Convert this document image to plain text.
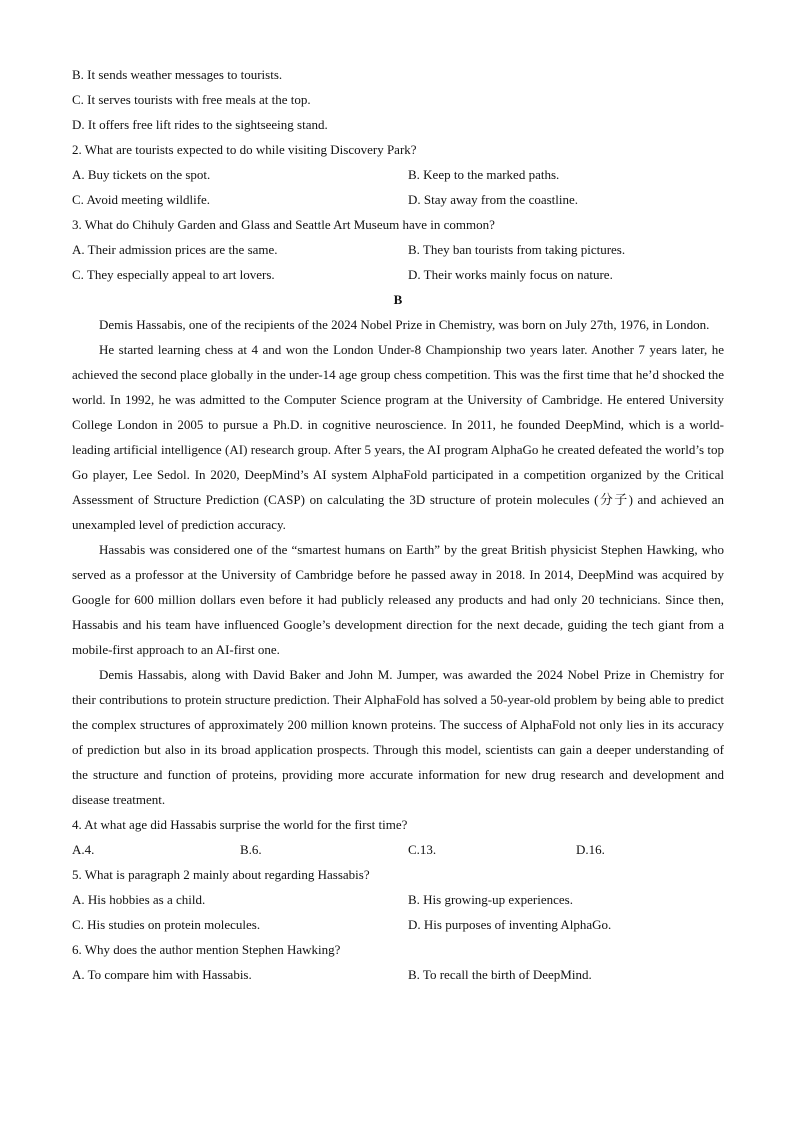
B. It sends weather messages to tourists.
C. It serves tourists with free meals at the top.
D. It offers free lift rides to the sightseeing stand.
2. What are tourists expected to do while visiting Discovery Park?
A. Buy tickets on the spot.	B. Keep to the marked paths.
C. Avoid meeting wildlife.	D. Stay away from the coastline.
3. What do Chihuly Garden and Glass and Seattle Art Museum have in common?
A. Their admission prices are the same.	B. They ban tourists from taking pictures.
C. They especially appeal to art lovers.	D. Their works mainly focus on nature.
B
Demis Hassabis, one of the recipients of the 2024 Nobel Prize in Chemistry, was born on July 27th, 1976, in London.
He started learning chess at 4 and won the London Under-8 Championship two years later. Another 7 years later, he achieved the second place globally in the under-14 age group chess competition. This was the first time that he’d shocked the world. In 1992, he was admitted to the Computer Science program at the University of Cambridge. He entered University College London in 2005 to pursue a Ph.D. in cognitive neuroscience. In 2011, he founded DeepMind, which is a world-leading artificial intelligence (AI) research group. After 5 years, the AI program AlphaGo he created defeated the world’s top Go player, Lee Sedol. In 2020, DeepMind’s AI system AlphaFold participated in a competition organized by the Critical Assessment of Structure Prediction (CASP) on calculating the 3D structure of protein molecules (分子) and achieved an unexampled level of prediction accuracy.
Hassabis was considered one of the “smartest humans on Earth” by the great British physicist Stephen Hawking, who served as a professor at the University of Cambridge before he passed away in 2018. In 2014, DeepMind was acquired by Google for 600 million dollars even before it had publicly released any products and had only 20 technicians. Since then, Hassabis and his team have influenced Google’s development direction for the next decade, guiding the tech giant from a mobile-first approach to an AI-first one.
Demis Hassabis, along with David Baker and John M. Jumper, was awarded the 2024 Nobel Prize in Chemistry for their contributions to protein structure prediction. Their AlphaFold has solved a 50-year-old problem by being able to predict the complex structures of approximately 200 million known proteins. The success of AlphaFold not only lies in its accuracy of prediction but also in its broad application prospects. Through this model, scientists can gain a deeper understanding of the structure and function of proteins, providing more accurate information for new drug research and development and disease treatment.
4. At what age did Hassabis surprise the world for the first time?
A.4.	B.6.	C.13.	D.16.
5. What is paragraph 2 mainly about regarding Hassabis?
A. His hobbies as a child.	B. His growing-up experiences.
C. His studies on protein molecules.	D. His purposes of inventing AlphaGo.
6. Why does the author mention Stephen Hawking?
A. To compare him with Hassabis.	B. To recall the birth of DeepMind.
